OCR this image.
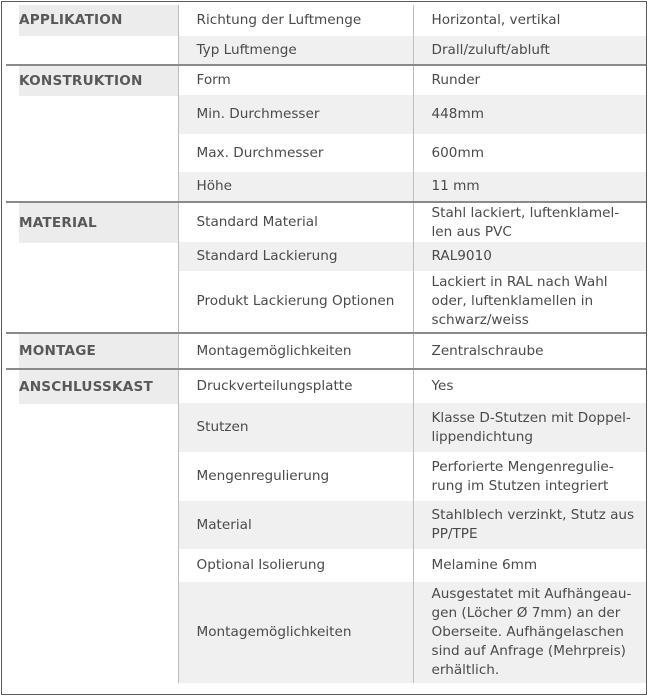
APPLIKATION	Richtung der Luftmenge	Horizontal, vertikal

	Typ Luftmenge	Drall/zuluft/abluft

KONSTRUKTION	Form	Runder

	Min. Durchmesser	448mm

	Max. Durchmesser	600mm

	Höhe	11 mm

MATERIAL	Standard Material	Stahl lackiert, luftenklamel-
len aus PVC

	Standard Lackierung	RAL9010

	Produkt Lackierung Optionen	Lackiert in RAL nach Wahl
oder, luftenklamellen in
schwarz/weiss

MONTAGE	Montagemöglichkeiten	Zentralschraube

ANSCHLUSSKAST	Druckverteilungsplatte	Yes

	Stutzen	Klasse D-Stutzen mit Doppel-
lippendichtung

	Mengenregulierung	Perforierte Mengenregulie-
rung im Stutzen integriert

	Material	Stahlblech verzinkt, Stutz aus
PP/TPE

	Optional Isolierung	Melamine 6mm

	Montagemöglichkeiten	Ausgestatet mit Aufhängeau-
gen (Löcher Ø 7mm) an der
Oberseite. Aufhängelaschen
sind auf Anfrage (Mehrpreis)
erhältlich.
